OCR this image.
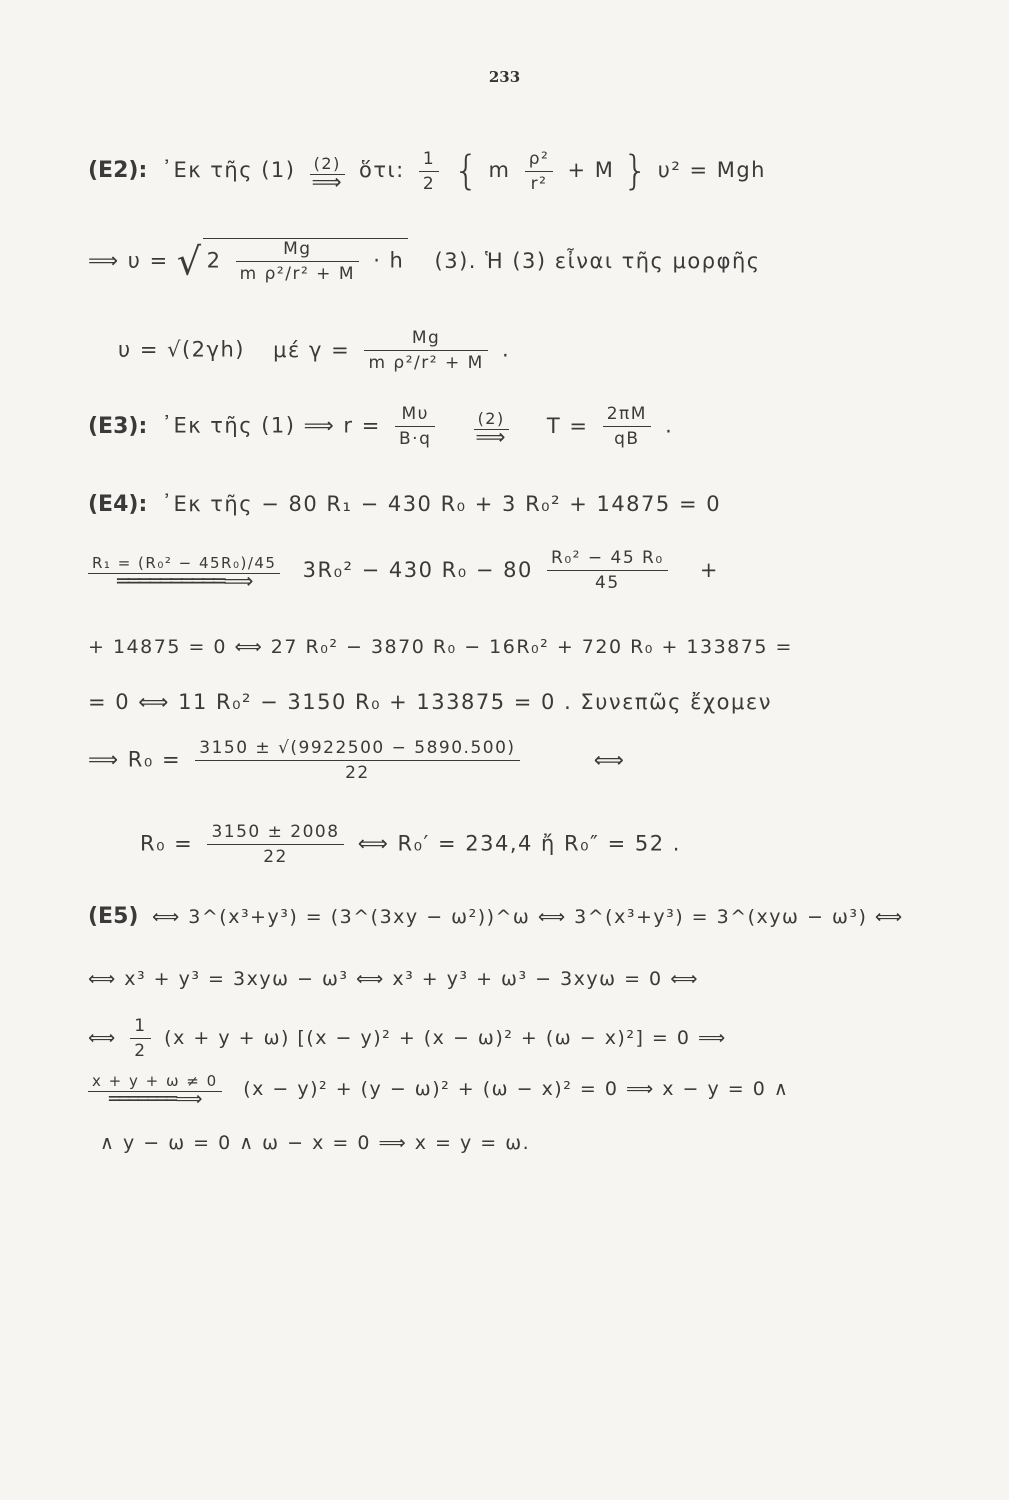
233
(E2): ᾿Εκ τῆς (1) (2)
⟹ ὅτι: $\frac{1}{2}$ { m $\frac{\text{ρ²}}{\text{r²}} + M$ } υ² = Mgh
⟹ υ = √ $2 \frac{Mg}{\text{m ρ²/r² + M}} \cdot h$ (3). Ἡ (3) εἶναι τῆς μορφῆς
υ = √(2γh) μέ $\gamma = \frac{Mg}{\text{m ρ²/r² + M}}$ .
(E3): ᾿Εκ τῆς (1) ⟹ $r = \frac{M\upsilon}{B\cdot q}$
	(2)
⟹ $T = \frac{2\pi M}{qB}$ .
(E4): ᾿Εκ τῆς − 80 R₁ − 430 R₀ + 3 R₀² + 14875 = 0
R₁ = (R₀² − 45R₀)/45
══════════⟹	3R₀² − 430 $R_0 - 80 \frac{\text{R₀² − 45 R₀}}{45}$ +
+ 14875 = 0 ⟺ 27 R₀² − 3870 R₀ − 16R₀² + 720 R₀ + 133875 =
= 0 ⟺ 11 R₀² − 3150 R₀ + 133875 = 0 . Συνεπῶς ἔχομεν
⟹ $R_0 = \frac{3150 \pm √(9922500 - 5890.500)}{22}$	⟺
$R_0 = \frac{3150 \pm 2008}{22}$ ⟺ R₀′ = 234,4 ἤ R₀″ = 52 .
(E5) ⟺ 3^(x³+y³) = (3^(3xy − ω²))^ω ⟺ 3^(x³+y³) = 3^(xyω − ω³) ⟺
⟺ x³ + y³ = 3xyω − ω³ ⟺ x³ + y³ + ω³ − 3xyω = 0 ⟺
⟺ $\frac{1}{2} (x + y + \omega) [(x - y)^2 + (x - \omega)^2 + (\omega - x)^2] = 0$ ⟹
x + y + ω ≠ 0
═══════⟹	(x − y)² + (y − ω)² + (ω − x)² = 0 ⟹ x − y = 0 ∧
∧ y − ω = 0 ∧ ω − x = 0 ⟹ x = y = ω.
